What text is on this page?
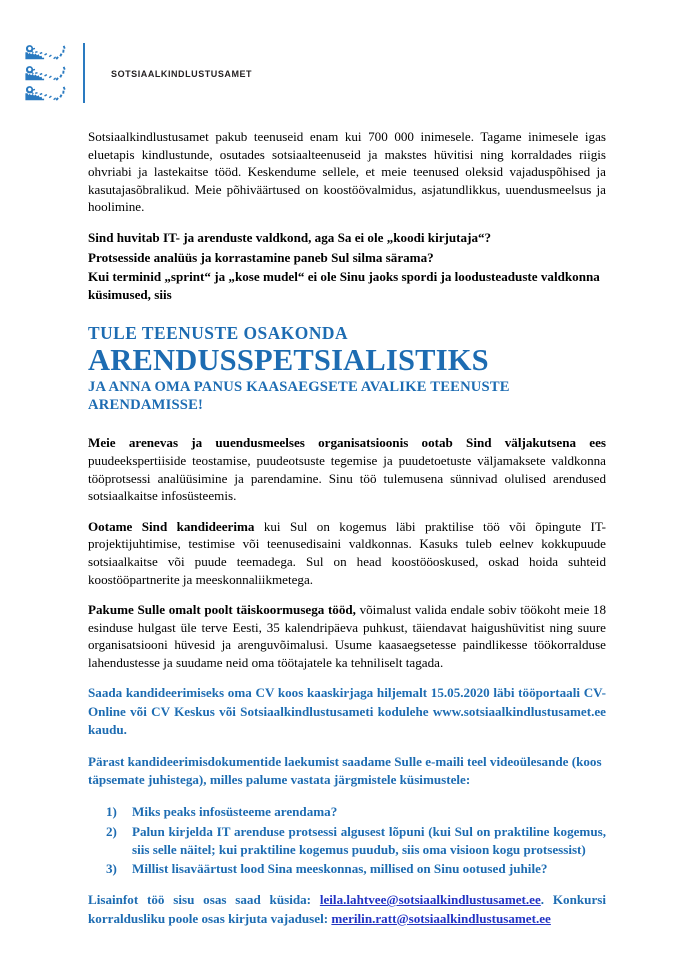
sotsiaalkindlustusamet

Sotsiaalkindlustusamet pakub teenuseid enam kui 700 000 inimesele. Tagame inimesele igas eluetapis kindlustunde, osutades sotsiaalteenuseid ja makstes hüvitisi ning korraldades riigis ohvriabi ja lastekaitse tööd. Keskendume sellele, et meie teenused oleksid vajaduspõhised ja kasutajasõbralikud. Meie põhiväärtused on koostöövalmidus, asjatundlikkus, uuendusmeelsus ja hoolimine.

Sind huvitab IT- ja arenduste valdkond, aga Sa ei ole „koodi kirjutaja“?
Protsesside analüüs ja korrastamine paneb Sul silma särama?
Kui terminid „sprint“ ja „kose mudel“ ei ole Sinu jaoks spordi ja loodusteaduste valdkonna küsimused, siis
TULE TEENUSTE OSAKONDA
ARENDUSSPETSIALISTIKS
JA ANNA OMA PANUS KAASAEGSETE AVALIKE TEENUSTE ARENDAMISSE!

Meie arenevas ja uuendusmeelses organisatsioonis ootab Sind väljakutsena ees puudeekspertiiside teostamise, puudeotsuste tegemise ja puudetoetuste väljamaksete valdkonna tööprotsessi analüüsimine ja parendamine. Sinu töö tulemusena sünnivad olulised arendused sotsiaalkaitse infosüsteemis.

Ootame Sind kandideerima kui Sul on kogemus läbi praktilise töö või õpingute IT-projektijuhtimise, testimise või teenusedisaini valdkonnas. Kasuks tuleb eelnev kokkupuude sotsiaalkaitse või puude teemadega. Sul on head koostööoskused, oskad hoida suhteid koostööpartnerite ja meeskonnaliikmetega.

Pakume Sulle omalt poolt täiskoormusega tööd, võimalust valida endale sobiv töökoht meie 18 esinduse hulgast üle terve Eesti, 35 kalendripäeva puhkust, täiendavat haigushüvitist ning suure organisatsiooni hüvesid ja arenguvõimalusi. Usume kaasaegsetesse paindlikesse töökorralduse lahendustesse ja suudame neid oma töötajatele ka tehniliselt tagada.

Saada kandideerimiseks oma CV koos kaaskirjaga hiljemalt 15.05.2020 läbi tööportaali CV-Online või CV Keskus või Sotsiaalkindlustusameti kodulehe www.sotsiaalkindlustusamet.ee kaudu.

Pärast kandideerimisdokumentide laekumist saadame Sulle e-maili teel videoülesande (koos täpsemate juhistega), milles palume vastata järgmistele küsimustele:

Miks peaks infosüsteeme arendama?
Palun kirjelda IT arenduse protsessi algusest lõpuni (kui Sul on praktiline kogemus, siis selle näitel; kui praktiline kogemus puudub, siis oma visioon kogu protsessist)
Millist lisaväärtust lood Sina meeskonnas, millised on Sinu ootused juhile?

Lisainfot töö sisu osas saad küsida: leila.lahtvee@sotsiaalkindlustusamet.ee. Konkursi korraldusliku poole osas kirjuta vajadusel: merilin.ratt@sotsiaalkindlustusamet.ee
